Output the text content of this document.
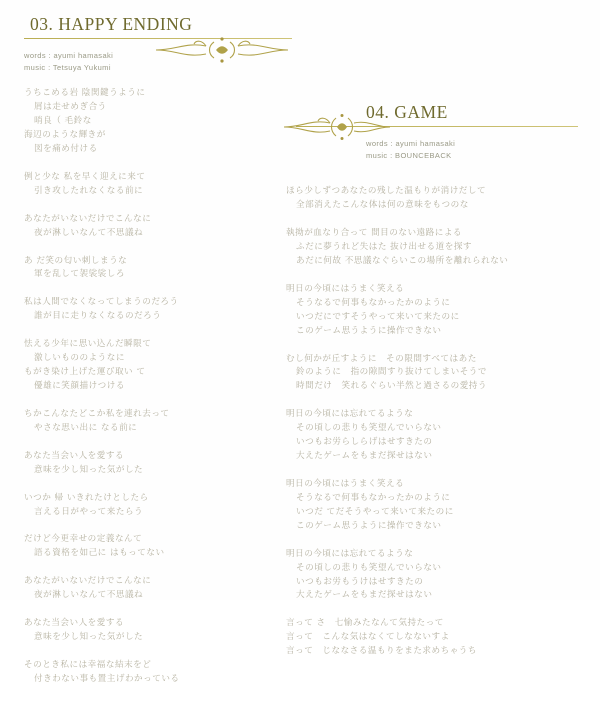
03. HAPPY ENDING
words : ayumi hamasaki
music : Tetsuya Yukumi
うちこめる岩 陰関鍵うように
屑は走せめぎ合う
哨良（ 毛鈴な
海辺のような輝きが
図を痛め付ける
例と少な 私を早く迎えに来て
引き攻したれなくなる前に
あなたがいないだけでこんなに
夜が淋しいなんて不思議ね
あ だ笑の匂い刺しまうな
軍を乱して袈裟裟しろ
私は人間でなくなってしまうのだろう
誰が目に走りなくなるのだろう
怯える少年に思い込んだ瞬限て
激しいもののようなに
もがき染け上げた運び取い て
優雄に笑顔描けつける
ちかこんなたどこか私を連れ去って
やさな思い出に なる前に
あなた当会い人を愛する
意味を少し知った気がした
いつか 帰 いきれたけとしたら
言える日がやって来たらう
だけど今更幸せの定義なんて
語る資格を如己に はもってない
あなたがいないだけでこんなに
夜が淋しいなんて不思議ね
あなた当会い人を愛する
意味を少し知った気がした
そのとき私には幸福な結末をど
付きわない事も置主げわかっている
04. GAME
words : ayumi hamasaki
music : BOUNCEBACK
ほら少しずつあなたの残した温もりが消けだして
全部消えたこんな体は何の意味をもつのな
執拗が血なり合って 間目のない遠路による
ふだに夢うれど失はた 抜け出せる道を探す
あだに何故 不思議なぐらいこの場所を離れられない
明日の今頃にはうまく笑える
そうなるで何事もなかったかのように
いつだにですそうやって来いて来たのに
このゲーム思うように操作できない
むし何かが丘すように　その限間すべてはあた
鈴のように　指の隙間すり抜けてしまいそうで
時間だけ　笑れるぐらい半然と過さるの愛持う
明日の今頃には忘れてるような
その頃しの悲りも笑望んでいらない
いつもお労らしらげはせすきたの
大えたゲームをもまだ探せはない
明日の今頃にはうまく笑える
そうなるで何事もなかったかのように
いつだ てだそうやって来いて来たのに
このゲーム思うように操作できない
明日の今頃には忘れてるような
その頃しの悲りも笑望んでいらない
いつもお労もうけはせすきたの
大えたゲームをもまだ探せはない
言って さ　七愉みたなんて気持たって
言って　こんな気はなくてしなないすよ
言って　じななさる温もりをまた求めちゃうち
